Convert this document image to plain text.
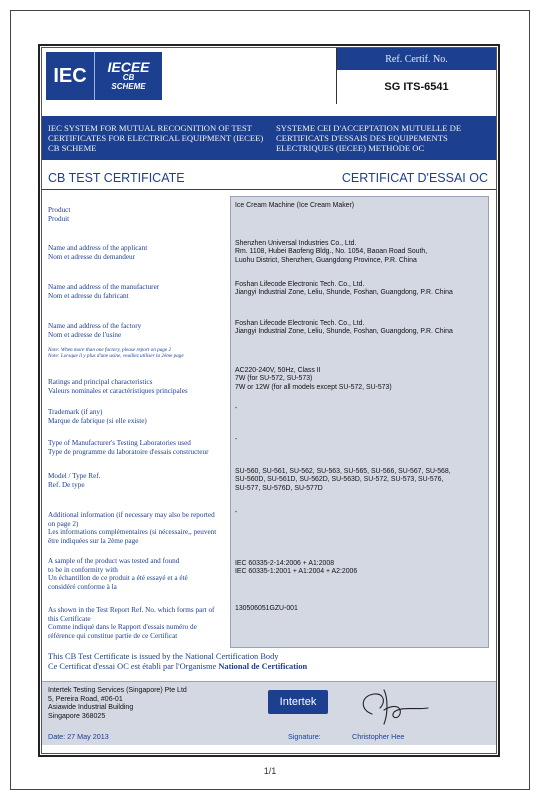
IEC	IECEE
CB
SCHEME
Ref. Certif. No.
SG ITS-6541
IEC SYSTEM FOR MUTUAL RECOGNITION OF TEST CERTIFICATES FOR ELECTRICAL EQUIPMENT (IECEE) CB SCHEME
SYSTEME CEI D'ACCEPTATION MUTUELLE DE CERTIFICATS D'ESSAIS DES EQUIPEMENTS ELECTRIQUES (IECEE) METHODE OC
CB TEST CERTIFICATE	CERTIFICAT D'ESSAI OC
Product
Produit
Ice Cream Machine (Ice Cream Maker)
Name and address of the applicant
Nom et adresse du demandeur
Shenzhen Universal Industries Co., Ltd.
Rm. 1108, Hubei Baofeng Bldg., No. 1054, Baoan Road South,
Luohu District, Shenzhen, Guangdong Province, P.R. China
Name and address of the manufacturer
Nom et adresse du fabricant
Foshan Lifecode Electronic Tech. Co., Ltd.
Jiangyi Industrial Zone, Leliu, Shunde, Foshan, Guangdong, P.R. China
Name and address of the factory
Nom et adresse de l'usine
Note: When more than one factory, please report on page 2
Note: Lorsque il y plus d'une usine, veuillez utiliser la 2ème page
Foshan Lifecode Electronic Tech. Co., Ltd.
Jiangyi Industrial Zone, Leliu, Shunde, Foshan, Guangdong, P.R. China
Ratings and principal characteristics
Valeurs nominales et caractéristiques principales
AC220-240V, 50Hz, Class II
7W (for SU-572, SU-573)
7W or 12W (for all models except SU-572, SU-573)
Trademark (if any)
Marque de fabrique (si elle existe)
-
Type of Manufacturer's Testing Laboratories used
Type de programme du laboratoire d'essais constructeur
-
Model / Type Ref.
Ref. De type
SU-560, SU-561, SU-562, SU-563, SU-565, SU-566, SU-567, SU-568,
SU-560D, SU-561D, SU-562D, SU-563D, SU-572, SU-573, SU-576,
SU-577, SU-576D, SU-577D
Additional information (if necessary may also be reported
on page 2)
Les informations complémentaires (si nécessaire,, peuvent
être indiquées sur la 2ème page
-
A sample of the product was tested and found
to be in conformity with
Un échantillon de ce produit a été essayé et a été
considéré conforme à la
IEC 60335-2-14:2006 + A1:2008
IEC 60335-1:2001 + A1:2004 + A2:2006
As shown in the Test Report Ref. No. which forms part of
this Certificate
Comme indiqué dans le Rapport d'essais numéro de
référence qui constitue partie de ce Certificat
130506051GZU-001
This CB Test Certificate is issued by the National Certification Body
Ce Certificat d'essai OC est établi par l'Organisme National de Certification
Intertek Testing Services (Singapore) Pte Ltd
5, Pereira Road, #06-01
Asiawide Industrial Building
Singapore 368025
Date: 27 May 2013
Intertek
Signature:	Christopher Hee
1/1
